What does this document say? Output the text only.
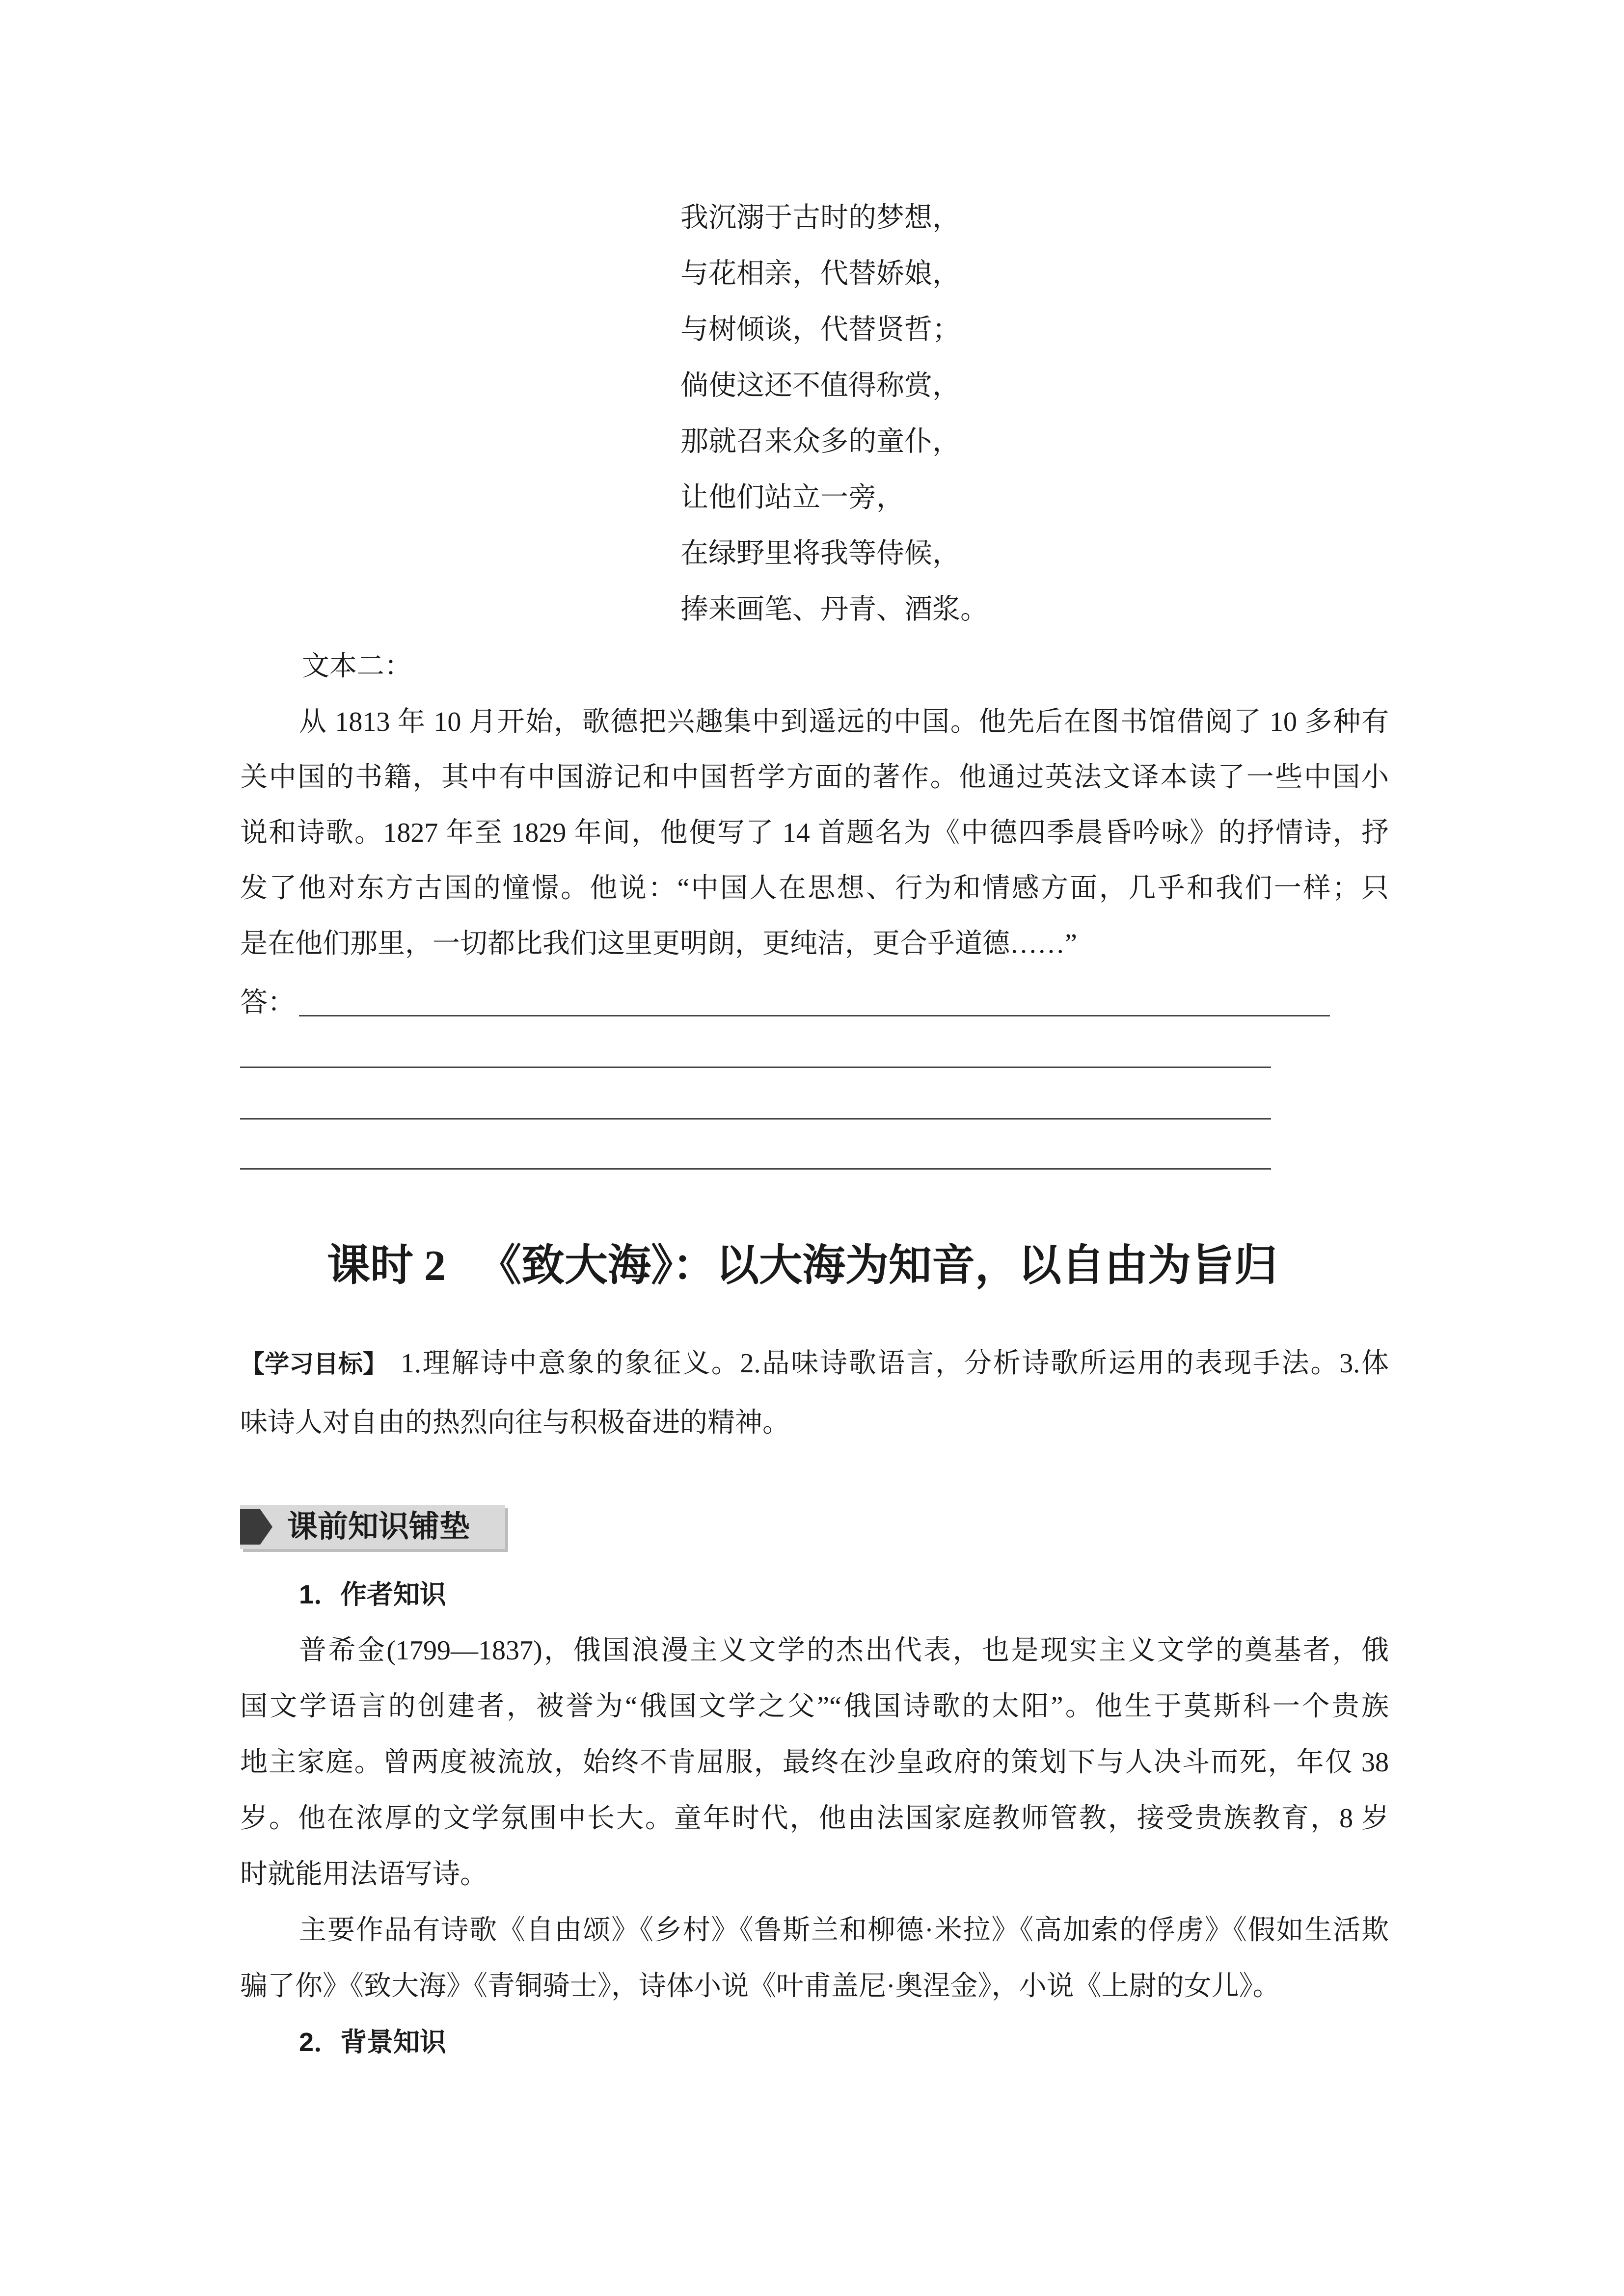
我沉溺于古时的梦想，
与花相亲，代替娇娘，
与树倾谈，代替贤哲；
倘使这还不值得称赏，
那就召来众多的童仆，
让他们站立一旁，
在绿野里将我等侍候，
捧来画笔、丹青、酒浆。
文本二：
从 1813 年 10 月开始，歌德把兴趣集中到遥远的中国。他先后在图书馆借阅了 10 多种有
关中国的书籍，其中有中国游记和中国哲学方面的著作。他通过英法文译本读了一些中国小
说和诗歌。1827 年至 1829 年间，他便写了 14 首题名为《中德四季晨昏吟咏》的抒情诗，抒
发了他对东方古国的憧憬。他说：“中国人在思想、行为和情感方面，几乎和我们一样；只
是在他们那里，一切都比我们这里更明朗，更纯洁，更合乎道德……”
答：
课时 2 《致大海》：以大海为知音，以自由为旨归
【学习目标】 1.理解诗中意象的象征义。2.品味诗歌语言，分析诗歌所运用的表现手法。3.体
味诗人对自由的热烈向往与积极奋进的精神。
课前知识铺垫
1．作者知识
普希金(1799—1837)，俄国浪漫主义文学的杰出代表，也是现实主义文学的奠基者，俄
国文学语言的创建者，被誉为“俄国文学之父”“俄国诗歌的太阳”。他生于莫斯科一个贵族
地主家庭。曾两度被流放，始终不肯屈服，最终在沙皇政府的策划下与人决斗而死，年仅 38
岁。他在浓厚的文学氛围中长大。童年时代，他由法国家庭教师管教，接受贵族教育，8 岁
时就能用法语写诗。
主要作品有诗歌《自由颂》《乡村》《鲁斯兰和柳德·米拉》《高加索的俘虏》《假如生活欺
骗了你》《致大海》《青铜骑士》，诗体小说《叶甫盖尼·奥涅金》，小说《上尉的女儿》。
2．背景知识
